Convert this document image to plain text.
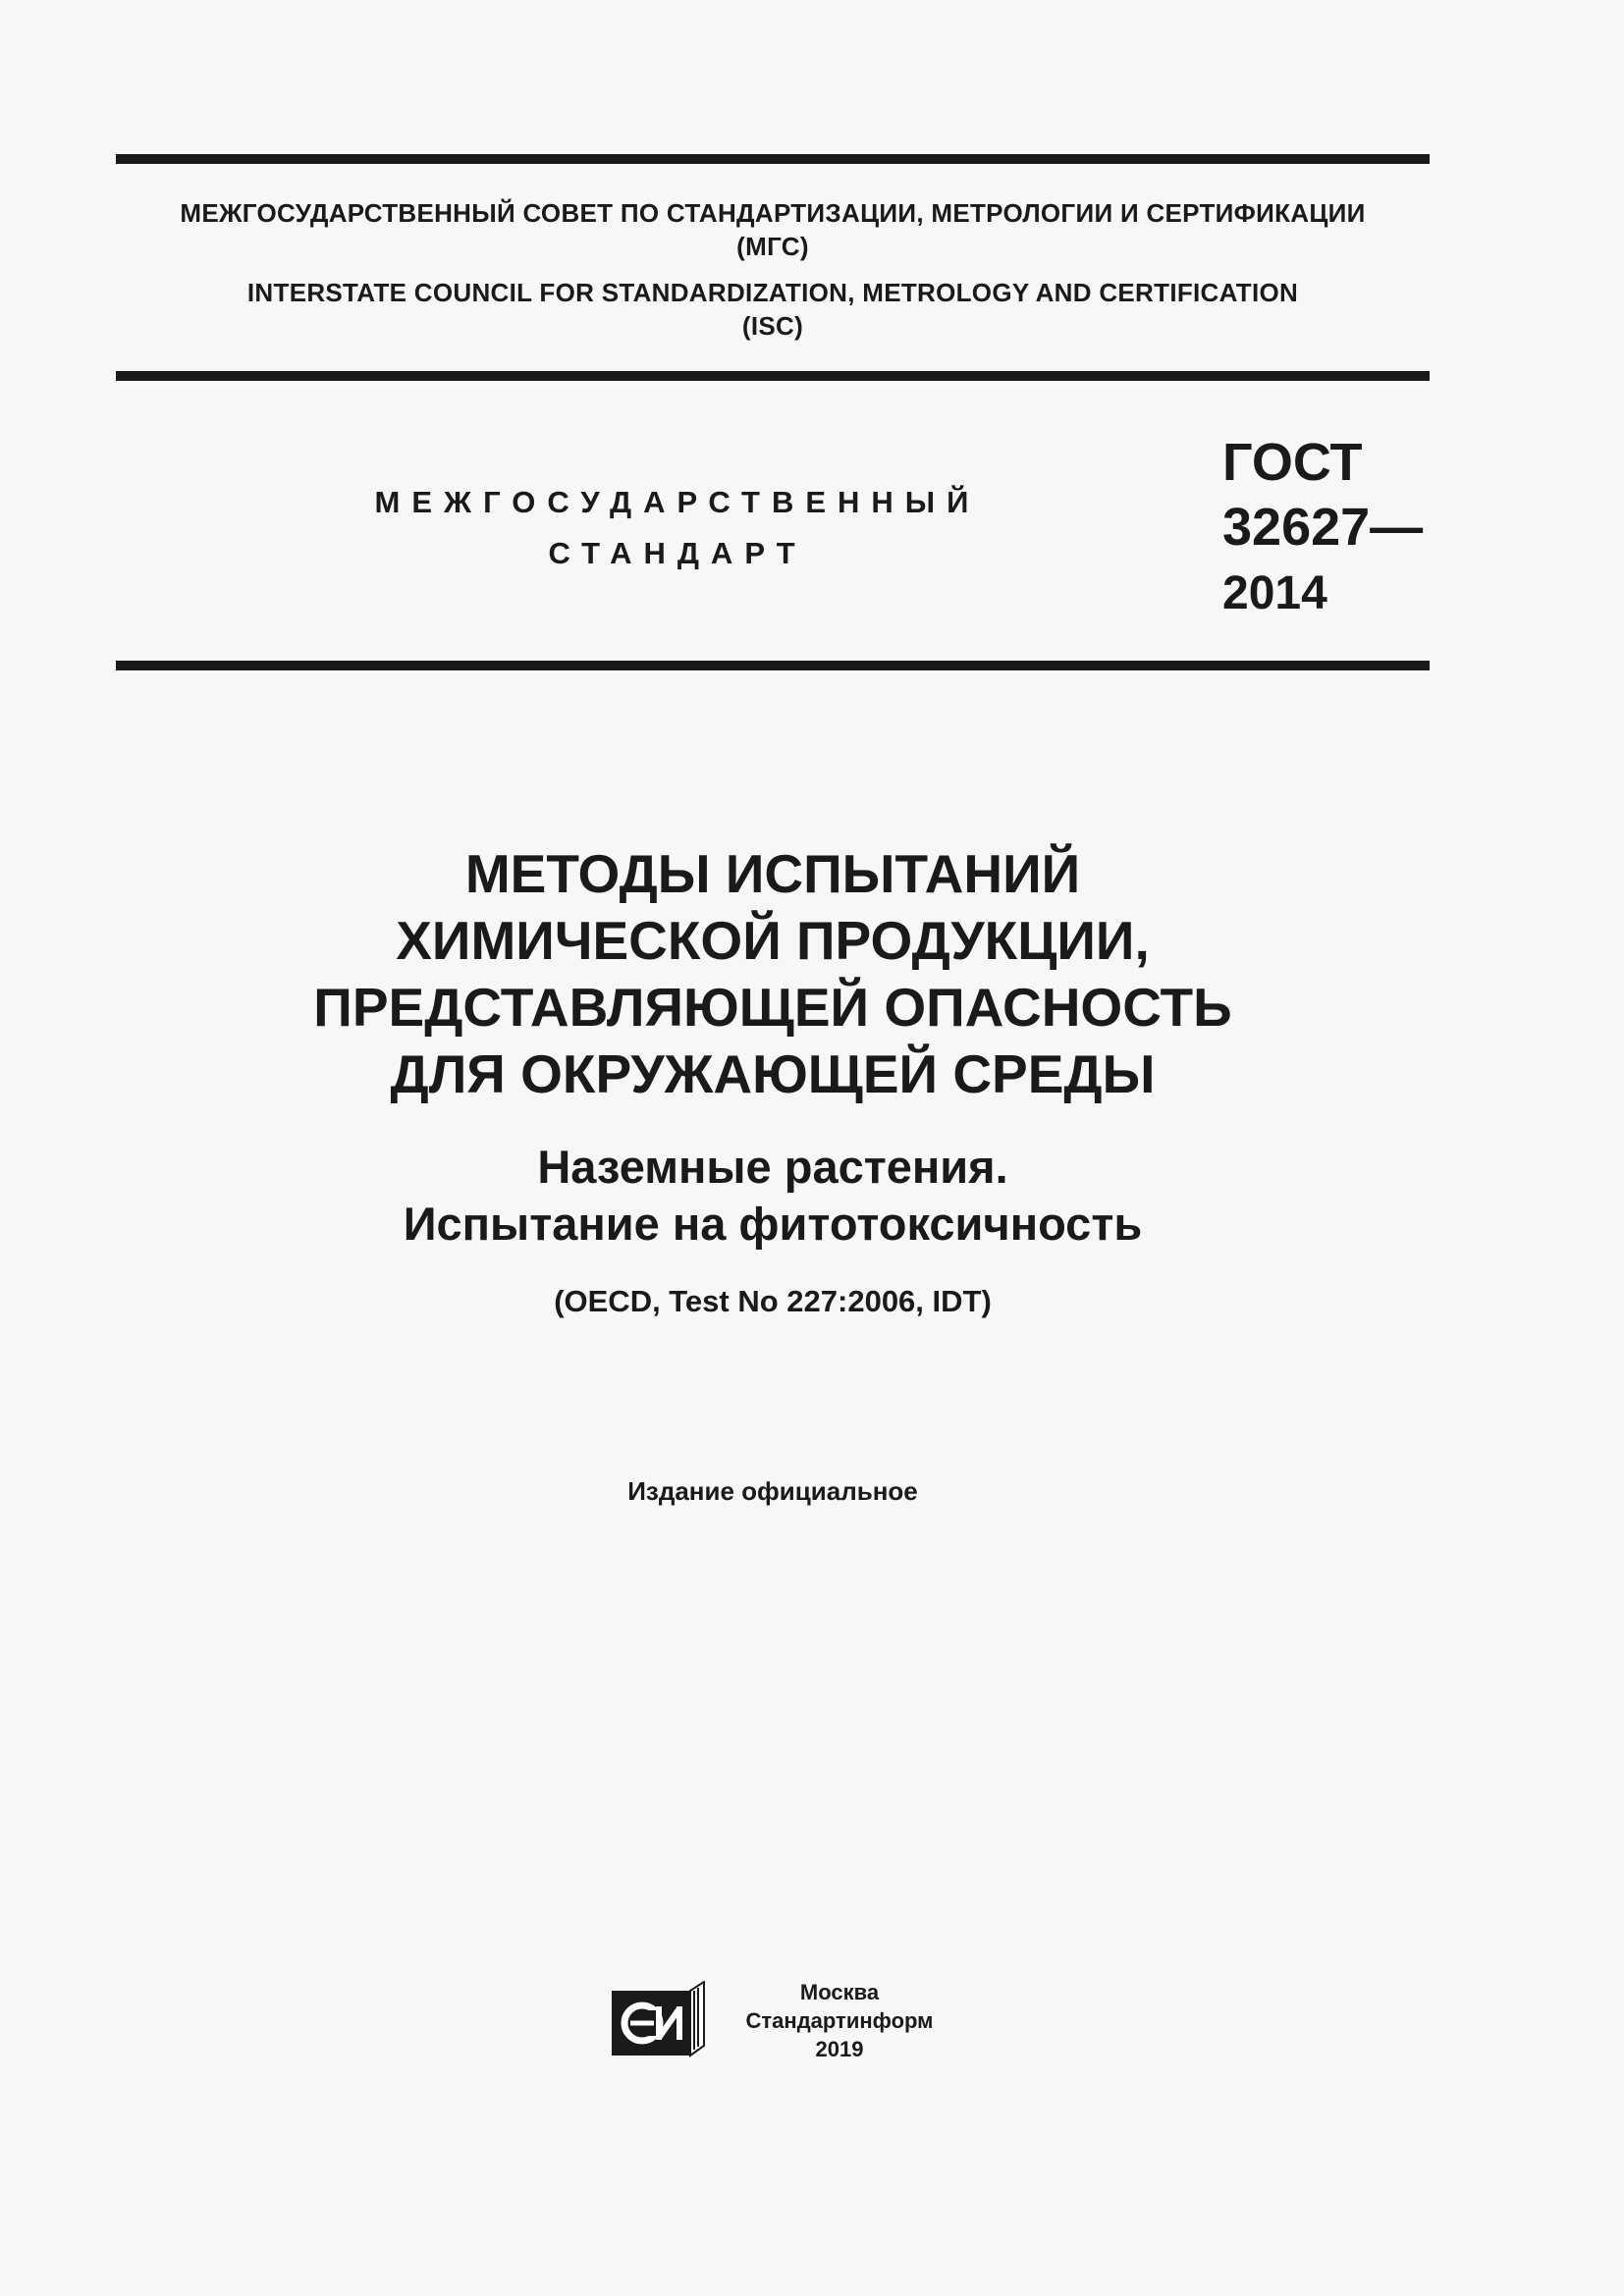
МЕЖГОСУДАРСТВЕННЫЙ СОВЕТ ПО СТАНДАРТИЗАЦИИ, МЕТРОЛОГИИ И СЕРТИФИКАЦИИ
(МГС)
INTERSTATE COUNCIL FOR STANDARDIZATION, METROLOGY AND CERTIFICATION
(ISC)
МЕЖГОСУДАРСТВЕННЫЙ
СТАНДАРТ
ГОСТ
32627—
2014
МЕТОДЫ ИСПЫТАНИЙ
ХИМИЧЕСКОЙ ПРОДУКЦИИ,
ПРЕДСТАВЛЯЮЩЕЙ ОПАСНОСТЬ
ДЛЯ ОКРУЖАЮЩЕЙ СРЕДЫ
Наземные растения.
Испытание на фитотоксичность
(OECD, Test No 227:2006, IDT)
Издание официальное
Москва
Стандартинформ
2019
